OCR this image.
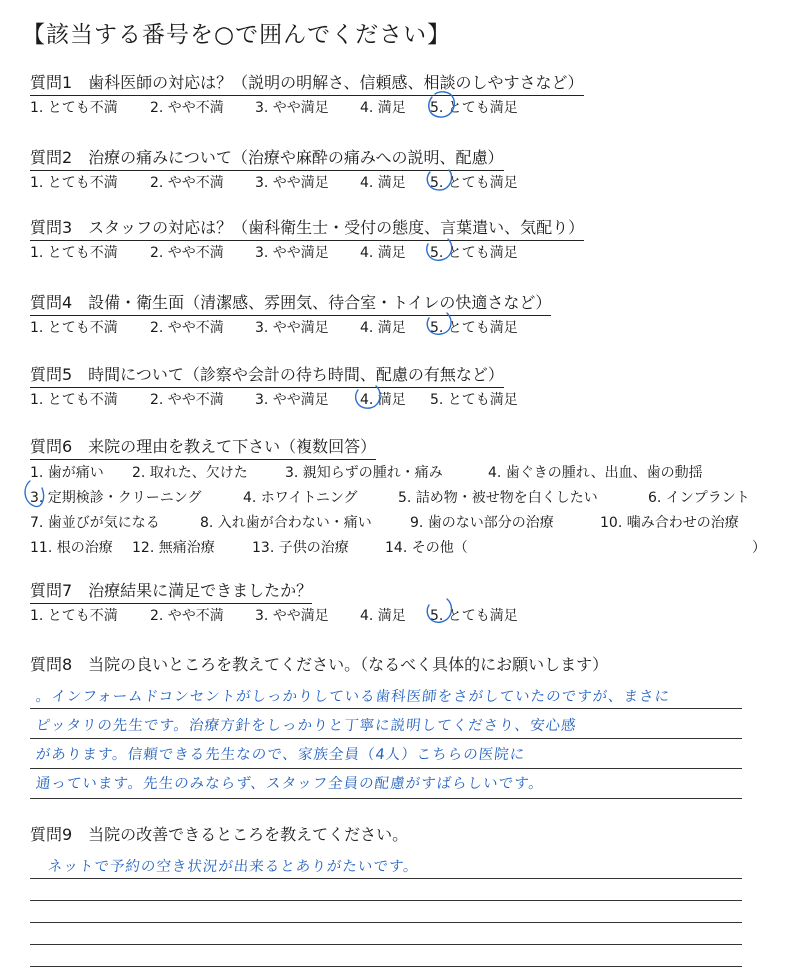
【該当する番号を○で囲んでください】
質問1　歯科医師の対応は？（説明の明解さ、信頼感、相談のしやすさなど）
1. とても不満 2. やや不満 3. やや満足 4. 満足 5. とても満足
質問2　治療の痛みについて（治療や麻酔の痛みへの説明、配慮）
1. とても不満 2. やや不満 3. やや満足 4. 満足 5. とても満足
質問3　スタッフの対応は？（歯科衛生士・受付の態度、言葉遣い、気配り）
1. とても不満 2. やや不満 3. やや満足 4. 満足 5. とても満足
質問4　設備・衛生面（清潔感、雰囲気、待合室・トイレの快適さなど）
1. とても不満 2. やや不満 3. やや満足 4. 満足 5. とても満足
質問5　時間について（診察や会計の待ち時間、配慮の有無など）
1. とても不満 2. やや不満 3. やや満足 4. 満足 5. とても満足
質問6　来院の理由を教えて下さい（複数回答）
1. 歯が痛い 2. 取れた、欠けた	3. 親知らずの腫れ・痛み	4. 歯ぐきの腫れ、出血、歯の動揺
3. 定期検診・クリーニング	4. ホワイトニング	5. 詰め物・被せ物を白くしたい	6. インプラント
7. 歯並びが気になる	8. 入れ歯が合わない・痛い	9. 歯のない部分の治療	10. 噛み合わせの治療
11. 根の治療 12. 無痛治療	13. 子供の治療	14. その他（	）
質問7　治療結果に満足できましたか？
1. とても不満 2. やや不満 3. やや満足 4. 満足 5. とても満足
質問8　当院の良いところを教えてください。（なるべく具体的にお願いします）
。インフォームドコンセントがしっかりしている歯科医師をさがしていたのですが、まさに
ピッタリの先生です。治療方針をしっかりと丁寧に説明してくださり、安心感
があります。信頼できる先生なので、家族全員（4人）こちらの医院に
通っています。先生のみならず、スタッフ全員の配慮がすばらしいです。
質問9　当院の改善できるところを教えてください。
ネットで予約の空き状況が出来るとありがたいです。
